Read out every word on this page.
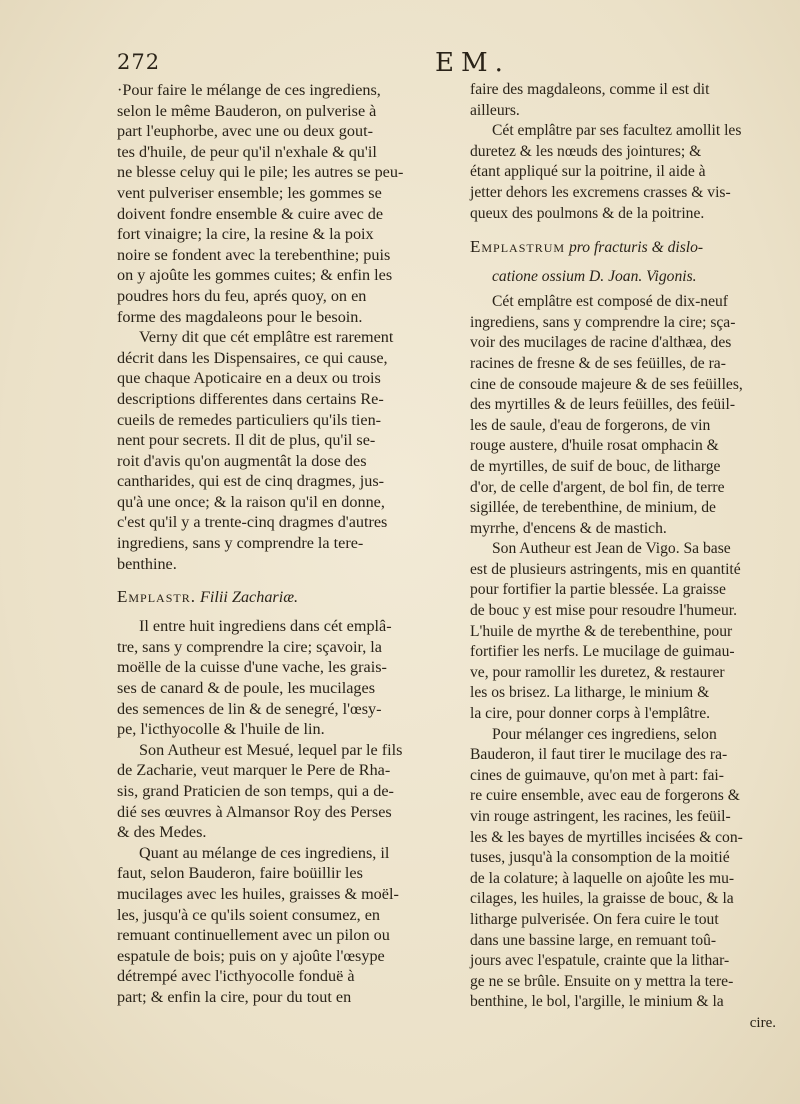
272	EM.
·Pour faire le mélange de ces ingrediens,
selon le même Bauderon, on pulverise à
part l'euphorbe, avec une ou deux gout-
tes d'huile, de peur qu'il n'exhale & qu'il
ne blesse celuy qui le pile; les autres se peu-
vent pulveriser ensemble; les gommes se
doivent fondre ensemble & cuire avec de
fort vinaigre; la cire, la resine & la poix
noire se fondent avec la terebenthine; puis
on y ajoûte les gommes cuites; & enfin les
poudres hors du feu, aprés quoy, on en
forme des magdaleons pour le besoin.
Verny dit que cét emplâtre est rarement
décrit dans les Dispensaires, ce qui cause,
que chaque Apoticaire en a deux ou trois
descriptions differentes dans certains Re-
cueils de remedes particuliers qu'ils tien-
nent pour secrets. Il dit de plus, qu'il se-
roit d'avis qu'on augmentât la dose des
cantharides, qui est de cinq dragmes, jus-
qu'à une once; & la raison qu'il en donne,
c'est qu'il y a trente-cinq dragmes d'autres
ingrediens, sans y comprendre la tere-
benthine.
Emplastr. Filii Zachariæ.
Il entre huit ingrediens dans cét emplâ-
tre, sans y comprendre la cire; sçavoir, la
moëlle de la cuisse d'une vache, les grais-
ses de canard & de poule, les mucilages
des semences de lin & de senegré, l'œsy-
pe, l'icthyocolle & l'huile de lin.
Son Autheur est Mesué, lequel par le fils
de Zacharie, veut marquer le Pere de Rha-
sis, grand Praticien de son temps, qui a de-
dié ses œuvres à Almansor Roy des Perses
& des Medes.
Quant au mélange de ces ingrediens, il
faut, selon Bauderon, faire boüillir les
mucilages avec les huiles, graisses & moël-
les, jusqu'à ce qu'ils soient consumez, en
remuant continuellement avec un pilon ou
espatule de bois; puis on y ajoûte l'œsype
détrempé avec l'icthyocolle fonduë à
part; & enfin la cire, pour du tout en
faire des magdaleons, comme il est dit
ailleurs.
Cét emplâtre par ses facultez amollit les
duretez & les nœuds des jointures; &
étant appliqué sur la poitrine, il aide à
jetter dehors les excremens crasses & vis-
queux des poulmons & de la poitrine.
Emplastrum pro fracturis & dislo-
catione ossium D. Joan. Vigonis.
Cét emplâtre est composé de dix-neuf
ingrediens, sans y comprendre la cire; sça-
voir des mucilages de racine d'althæa, des
racines de fresne & de ses feüilles, de ra-
cine de consoude majeure & de ses feüilles,
des myrtilles & de leurs feüilles, des feüil-
les de saule, d'eau de forgerons, de vin
rouge austere, d'huile rosat omphacin &
de myrtilles, de suif de bouc, de litharge
d'or, de celle d'argent, de bol fin, de terre
sigillée, de terebenthine, de minium, de
myrrhe, d'encens & de mastich.
Son Autheur est Jean de Vigo. Sa base
est de plusieurs astringents, mis en quantité
pour fortifier la partie blessée. La graisse
de bouc y est mise pour resoudre l'humeur.
L'huile de myrthe & de terebenthine, pour
fortifier les nerfs. Le mucilage de guimau-
ve, pour ramollir les duretez, & restaurer
les os brisez. La litharge, le minium &
la cire, pour donner corps à l'emplâtre.
Pour mélanger ces ingrediens, selon
Bauderon, il faut tirer le mucilage des ra-
cines de guimauve, qu'on met à part: fai-
re cuire ensemble, avec eau de forgerons &
vin rouge astringent, les racines, les feüil-
les & les bayes de myrtilles incisées & con-
tuses, jusqu'à la consomption de la moitié
de la colature; à laquelle on ajoûte les mu-
cilages, les huiles, la graisse de bouc, & la
litharge pulverisée. On fera cuire le tout
dans une bassine large, en remuant toû-
jours avec l'espatule, crainte que la lithar-
ge ne se brûle. Ensuite on y mettra la tere-
benthine, le bol, l'argille, le minium & la
cire.
